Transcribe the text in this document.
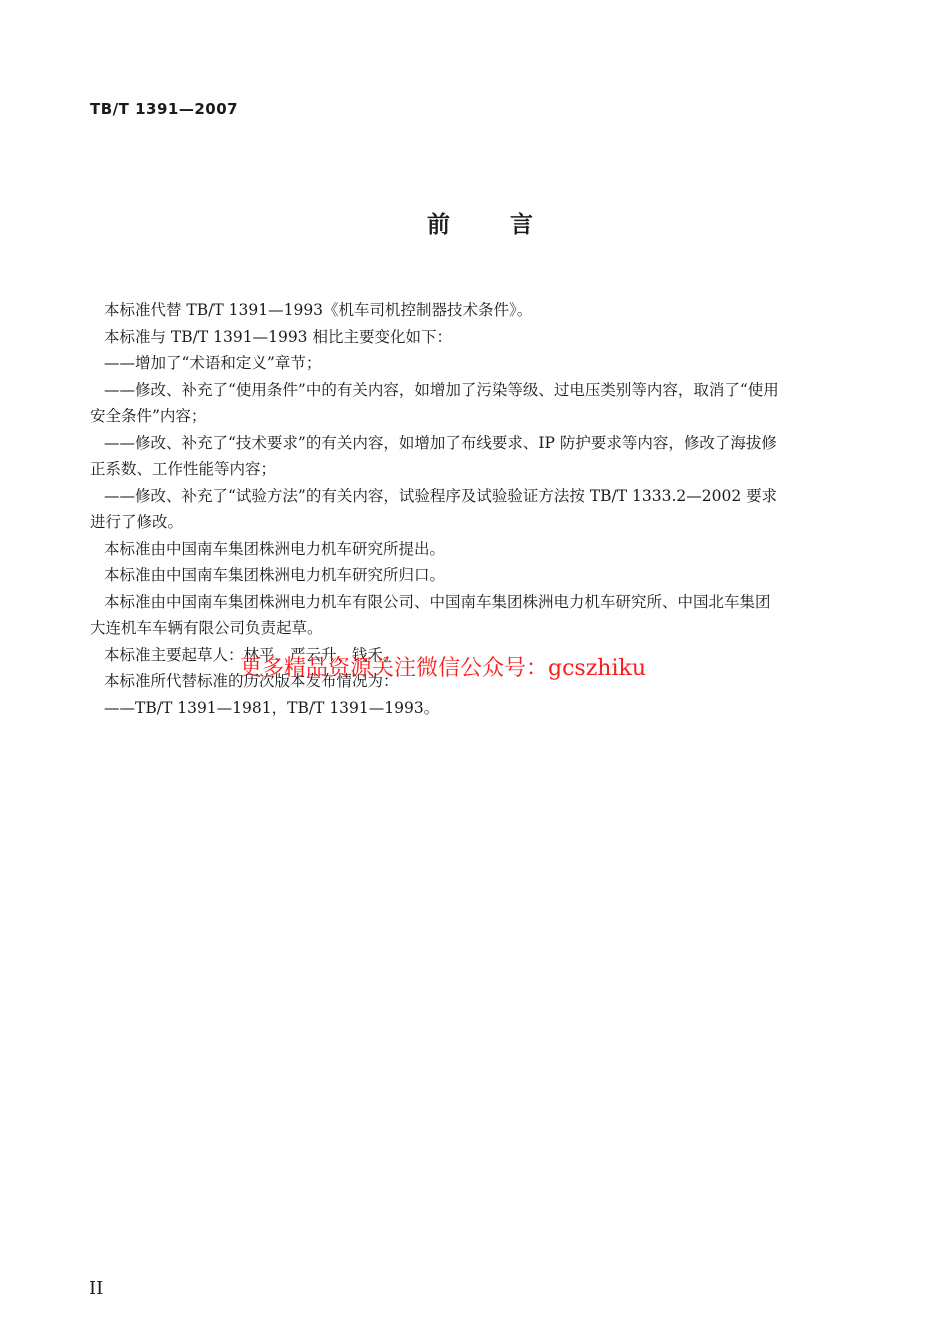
TB/T 1391—2007
前言
本标准代替 TB/T 1391—1993《机车司机控制器技术条件》。
本标准与 TB/T 1391—1993 相比主要变化如下：
——增加了“术语和定义”章节；
——修改、补充了“使用条件”中的有关内容，如增加了污染等级、过电压类别等内容，取消了“使用
安全条件”内容；
——修改、补充了“技术要求”的有关内容，如增加了布线要求、IP 防护要求等内容，修改了海拔修
正系数、工作性能等内容；
——修改、补充了“试验方法”的有关内容，试验程序及试验验证方法按 TB/T 1333.2—2002 要求
进行了修改。
本标准由中国南车集团株洲电力机车研究所提出。
本标准由中国南车集团株洲电力机车研究所归口。
本标准由中国南车集团株洲电力机车有限公司、中国南车集团株洲电力机车研究所、中国北车集团
大连机车车辆有限公司负责起草。
本标准主要起草人：林平、严云升、钱禾。
本标准所代替标准的历次版本发布情况为：
——TB/T 1391—1981，TB/T 1391—1993。
更多精品资源关注微信公众号：gcszhiku
II
